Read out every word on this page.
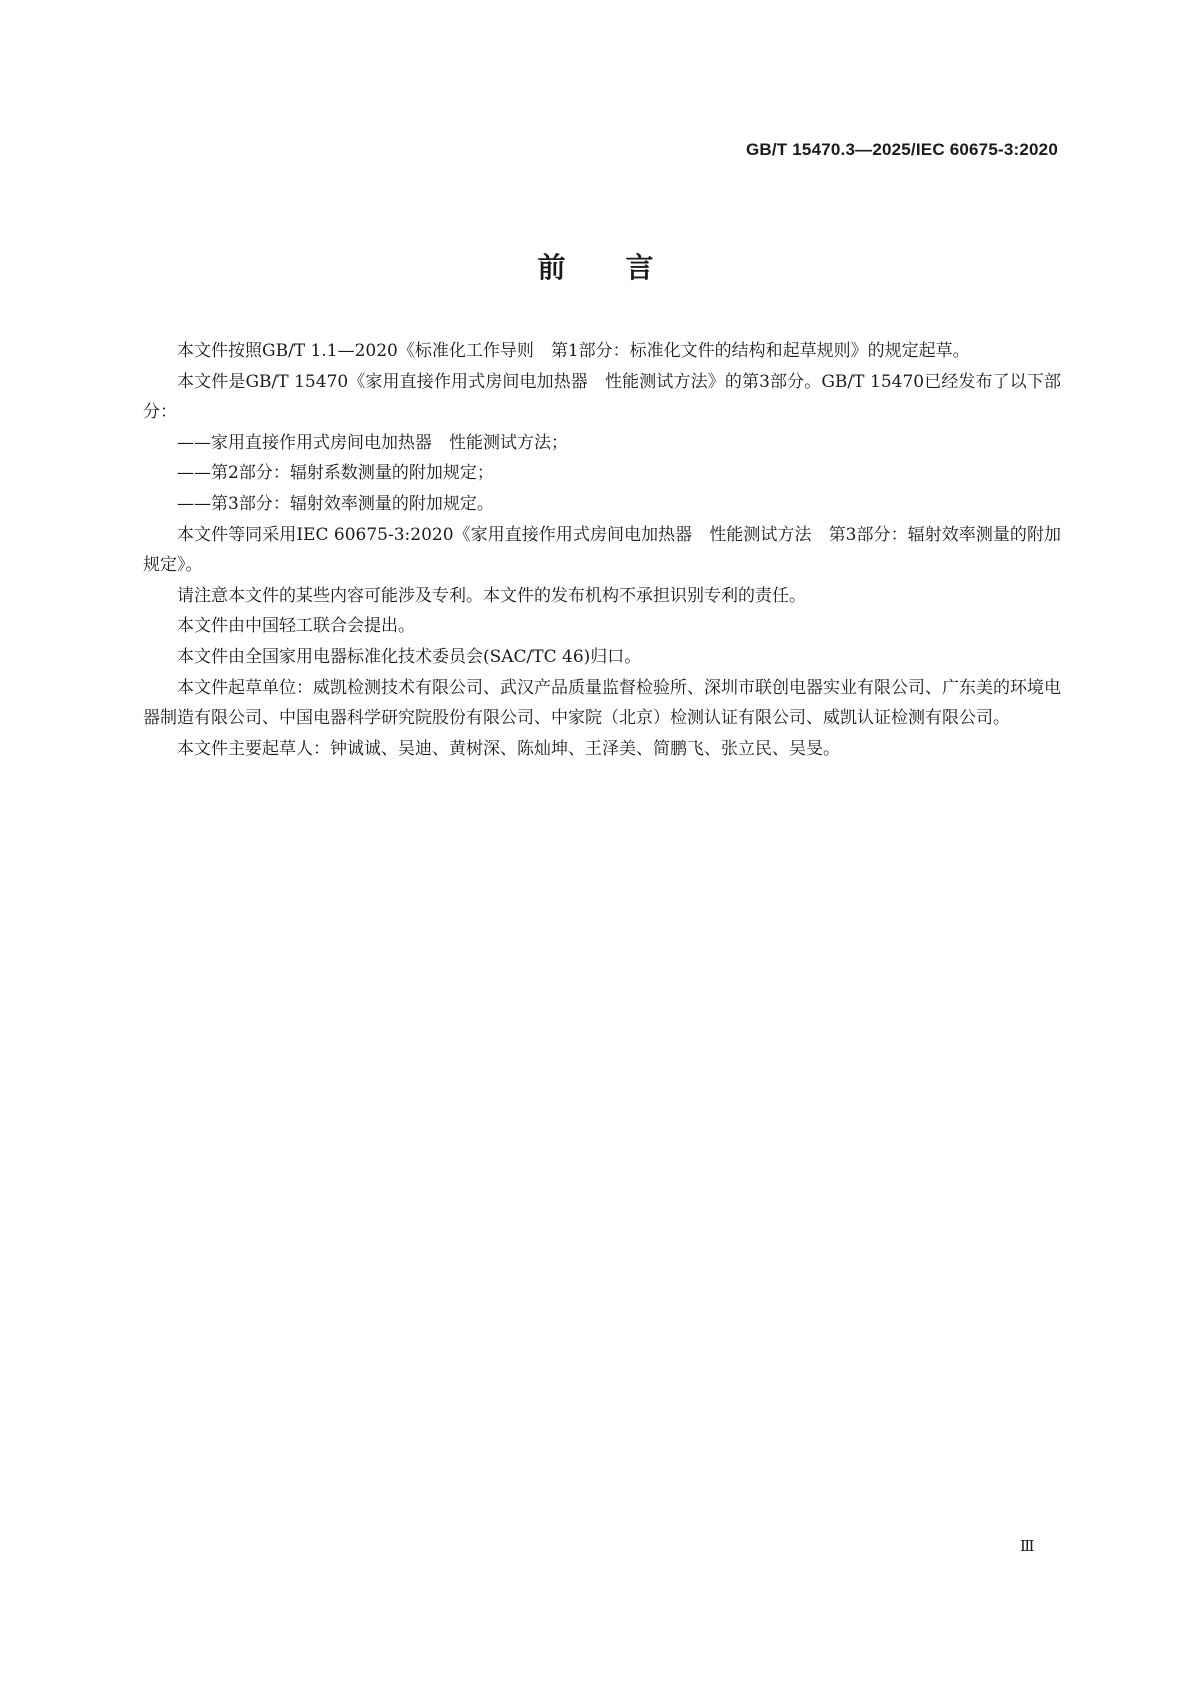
GB/T 15470.3—2025/IEC 60675-3:2020
前言

本文件按照GB/T 1.1—2020《标准化工作导则　第1部分：标准化文件的结构和起草规则》的规定起草。

本文件是GB/T 15470《家用直接作用式房间电加热器　性能测试方法》的第3部分。GB/T 15470已经发布了以下部分：

——家用直接作用式房间电加热器　性能测试方法；

——第2部分：辐射系数测量的附加规定；

——第3部分：辐射效率测量的附加规定。

本文件等同采用IEC 60675-3:2020《家用直接作用式房间电加热器　性能测试方法　第3部分：辐射效率测量的附加规定》。

请注意本文件的某些内容可能涉及专利。本文件的发布机构不承担识别专利的责任。

本文件由中国轻工联合会提出。

本文件由全国家用电器标准化技术委员会(SAC/TC 46)归口。

本文件起草单位：威凯检测技术有限公司、武汉产品质量监督检验所、深圳市联创电器实业有限公司、广东美的环境电器制造有限公司、中国电器科学研究院股份有限公司、中家院（北京）检测认证有限公司、威凯认证检测有限公司。

本文件主要起草人：钟诚诚、吴迪、黄树深、陈灿坤、王泽美、简鹏飞、张立民、吴旻。

Ⅲ
